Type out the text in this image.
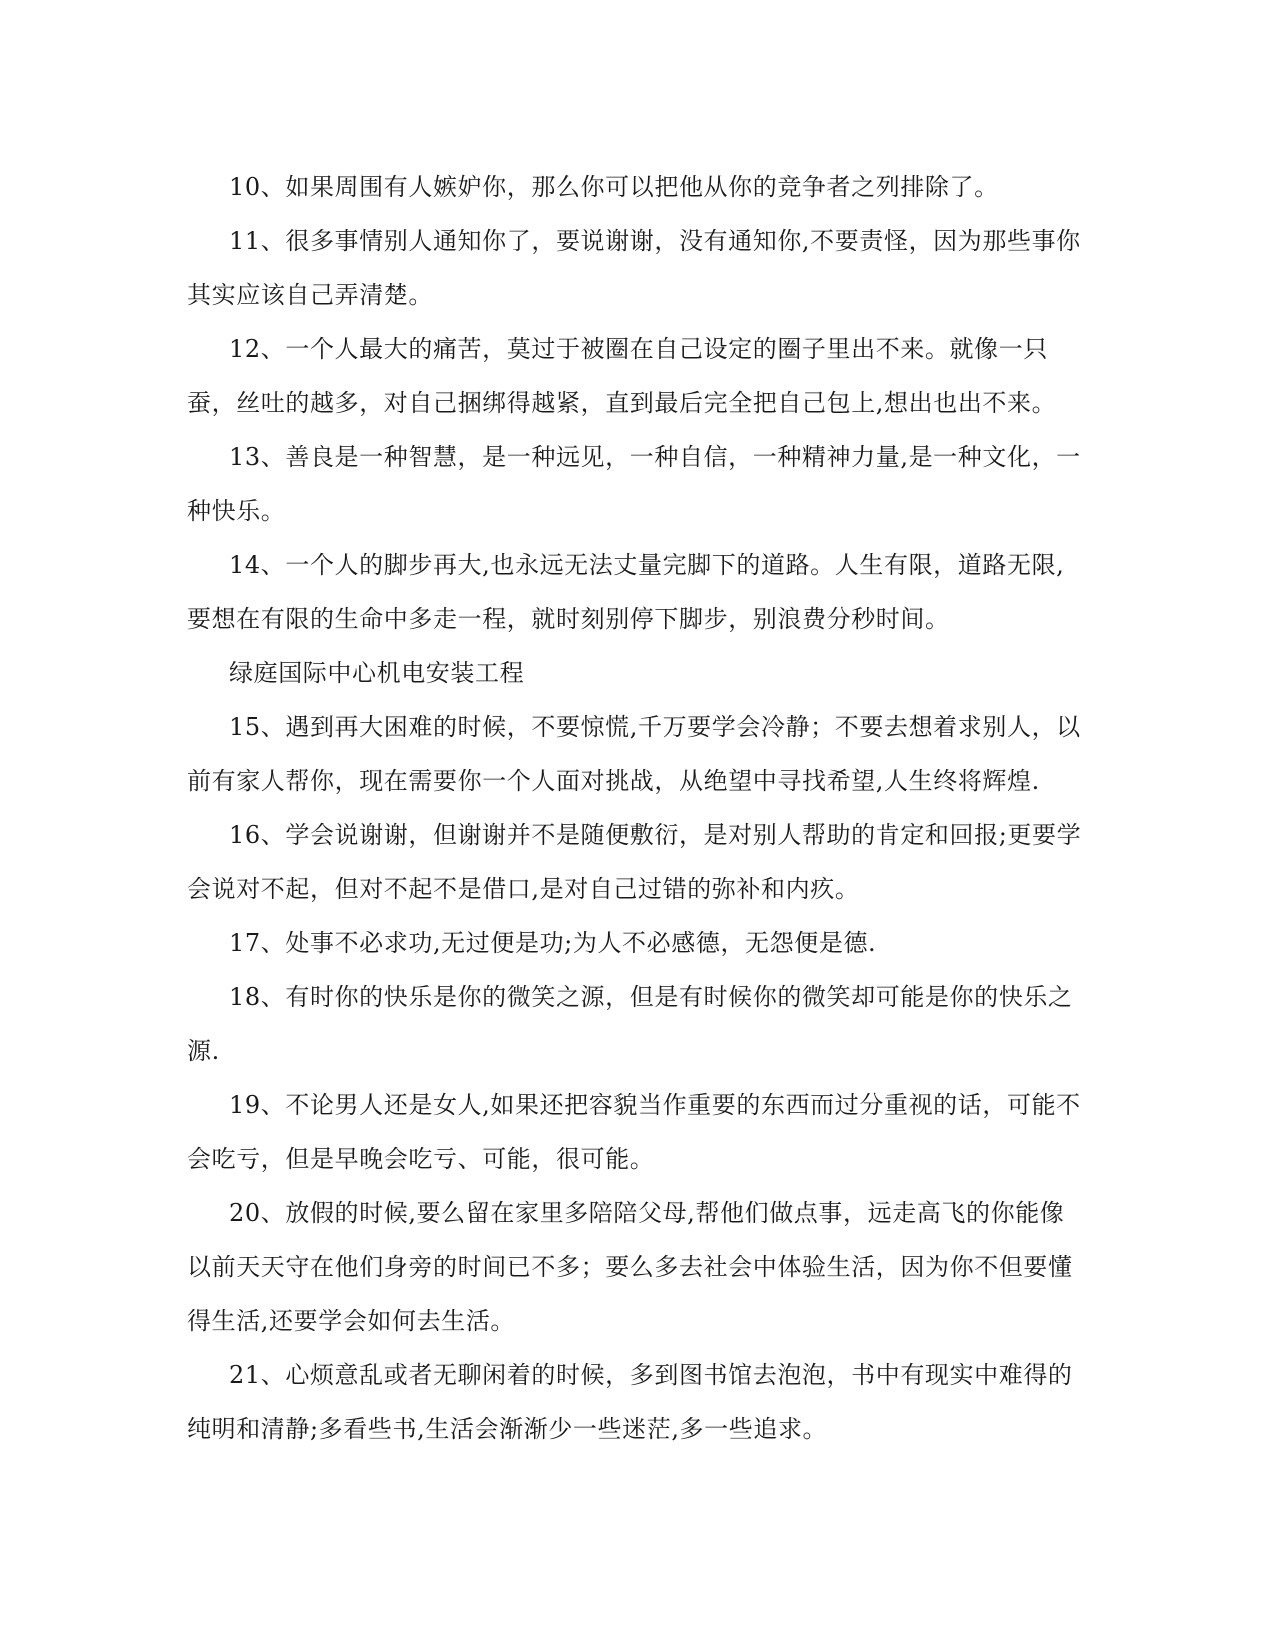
10、如果周围有人嫉妒你，那么你可以把他从你的竞争者之列排除了。

11、很多事情别人通知你了，要说谢谢，没有通知你,不要责怪，因为那些事你其实应该自己弄清楚。

12、一个人最大的痛苦，莫过于被圈在自己设定的圈子里出不来。就像一只蚕，丝吐的越多，对自己捆绑得越紧，直到最后完全把自己包上,想出也出不来。

13、善良是一种智慧，是一种远见，一种自信，一种精神力量,是一种文化，一种快乐。

14、一个人的脚步再大,也永远无法丈量完脚下的道路。人生有限，道路无限,要想在有限的生命中多走一程，就时刻别停下脚步，别浪费分秒时间。

绿庭国际中心机电安装工程

15、遇到再大困难的时候，不要惊慌,千万要学会冷静；不要去想着求别人，以前有家人帮你，现在需要你一个人面对挑战，从绝望中寻找希望,人生终将辉煌.

16、学会说谢谢，但谢谢并不是随便敷衍，是对别人帮助的肯定和回报;更要学会说对不起，但对不起不是借口,是对自己过错的弥补和内疚。

17、处事不必求功,无过便是功;为人不必感德，无怨便是德.

18、有时你的快乐是你的微笑之源，但是有时候你的微笑却可能是你的快乐之源.

19、不论男人还是女人,如果还把容貌当作重要的东西而过分重视的话，可能不会吃亏，但是早晚会吃亏、可能，很可能。

20、放假的时候,要么留在家里多陪陪父母,帮他们做点事，远走高飞的你能像以前天天守在他们身旁的时间已不多；要么多去社会中体验生活，因为你不但要懂得生活,还要学会如何去生活。

21、心烦意乱或者无聊闲着的时候，多到图书馆去泡泡，书中有现实中难得的纯明和清静;多看些书,生活会渐渐少一些迷茫,多一些追求。
